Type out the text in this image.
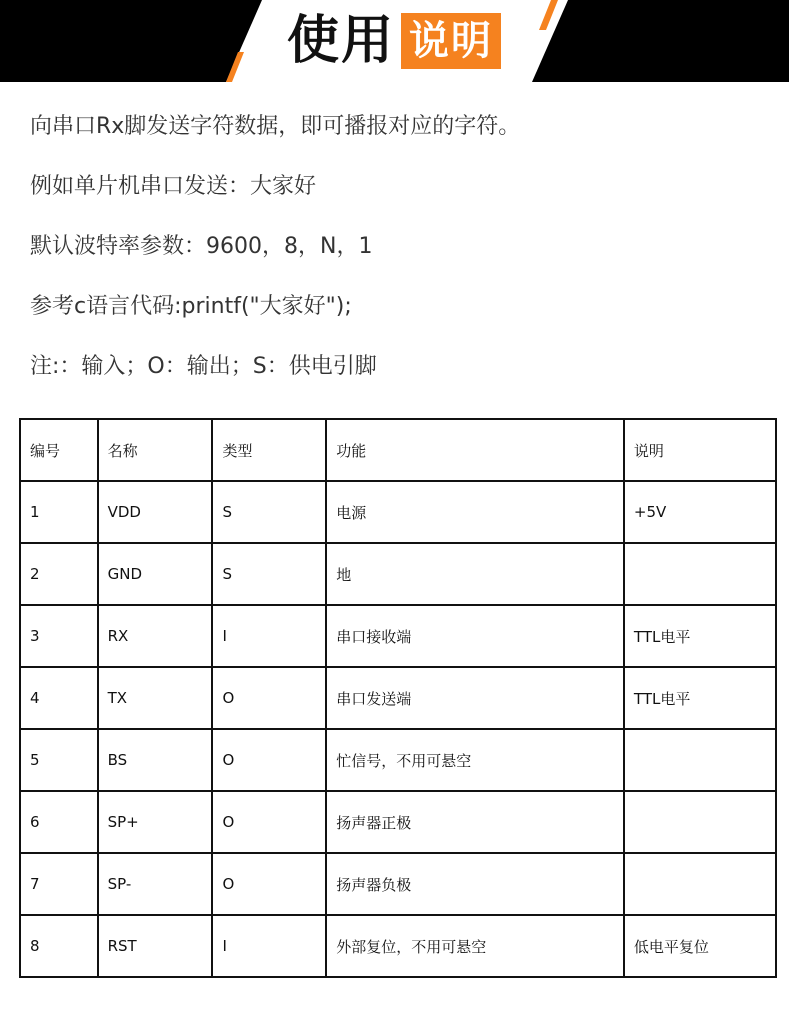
使用 说明
向串口Rx脚发送字符数据，即可播报对应的字符。
例如单片机串口发送：大家好
默认波特率参数：9600，8，N，1
参考c语言代码:printf("大家好");
注:：输入；O：输出；S：供电引脚
编号	名称	类型	功能	说明
1	VDD	S	电源	+5V
2	GND	S	地	
3	RX	I	串口接收端	TTL电平
4	TX	O	串口发送端	TTL电平
5	BS	O	忙信号，不用可悬空	
6	SP+	O	扬声器正极	
7	SP-	O	扬声器负极	
8	RST	I	外部复位，不用可悬空	低电平复位
